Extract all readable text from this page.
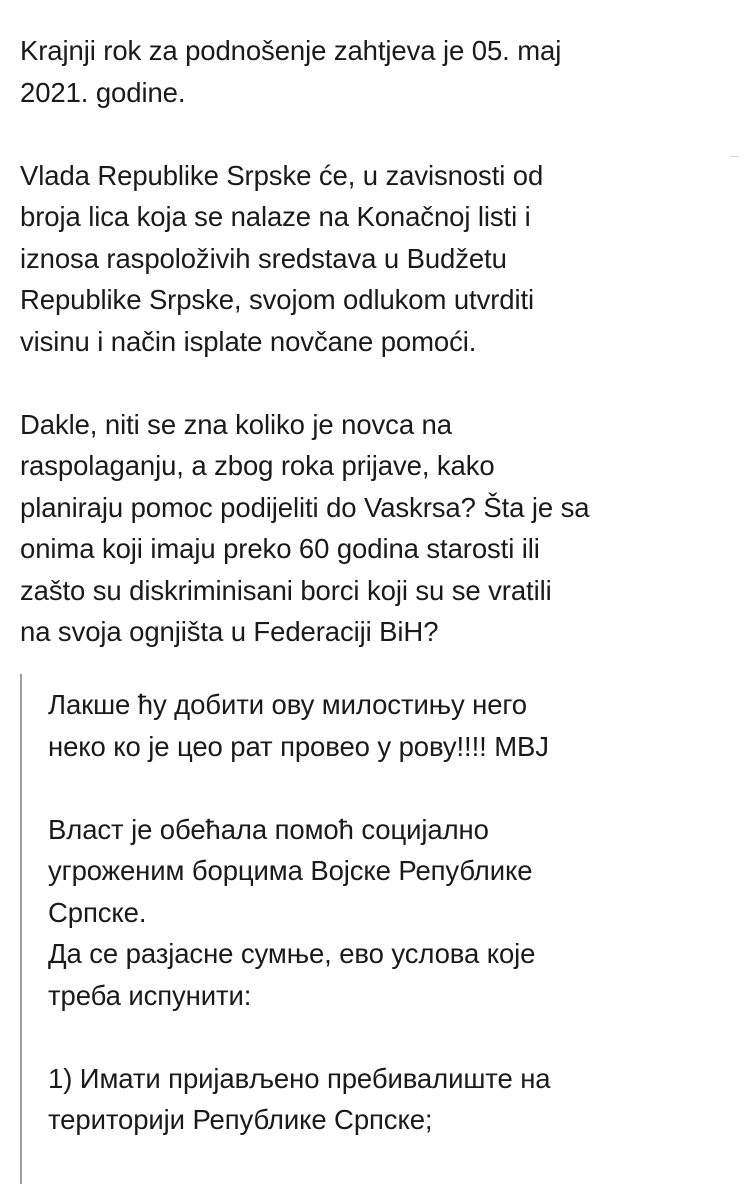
Krajnji rok za podnošenje zahtjeva je 05. maj
2021. godine.

Vlada Republike Srpske će, u zavisnosti od
broja lica koja se nalaze na Konačnoj listi i
iznosa raspoloživih sredstava u Budžetu
Republike Srpske, svojom odlukom utvrditi
visinu i način isplate novčane pomoći.

Dakle, niti se zna koliko je novca na
raspolaganju, a zbog roka prijave, kako
planiraju pomoc podijeliti do Vaskrsa? Šta je sa
onima koji imaju preko 60 godina starosti ili
zašto su diskriminisani borci koji su se vratili
na svoja ognjišta u Federaciji BiH?

Лакше ћу добити ову милостињу него
неко ко је цео рат провео у рову!!!! МВЈ

Власт је обећала помоћ социјално
угроженим борцима Војске Републике
Српске.

Да се разјасне сумње, ево услова које
треба испунити:

1) Имати пријављено пребивалиште на
територији Републике Српске;
